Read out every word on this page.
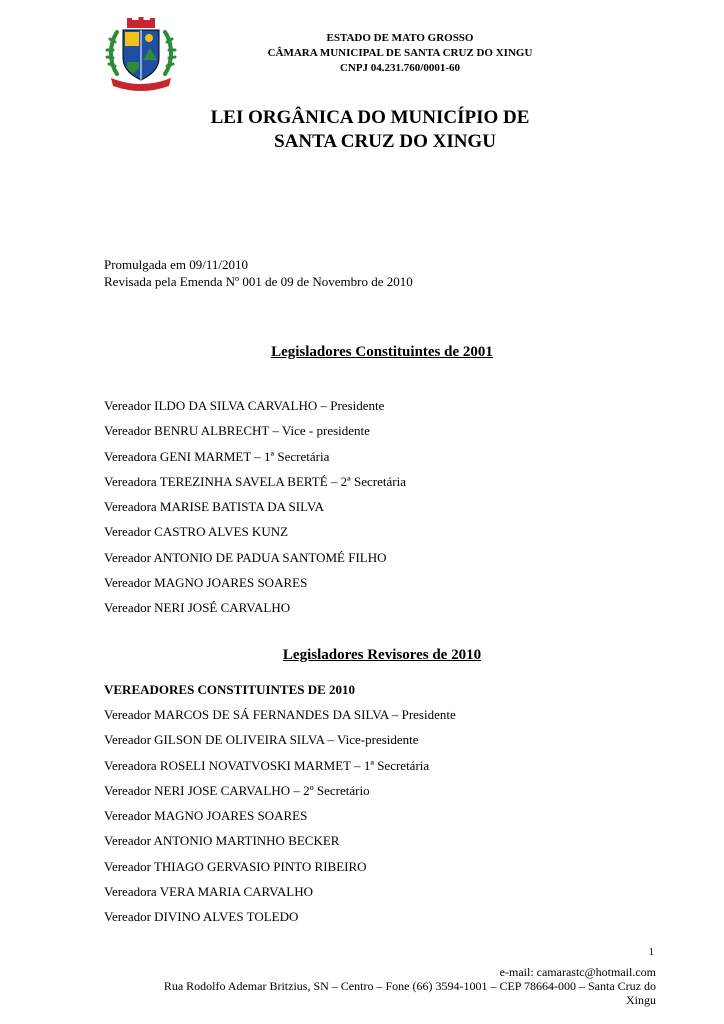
ESTADO DE MATO GROSSO
CÂMARA MUNICIPAL DE SANTA CRUZ DO XINGU
CNPJ 04.231.760/0001-60
LEI ORGÂNICA DO MUNICÍPIO DE
SANTA CRUZ DO XINGU
Promulgada em 09/11/2010
Revisada pela Emenda Nº 001 de 09 de Novembro de 2010
Legisladores Constituintes de 2001
Vereador ILDO DA SILVA CARVALHO – Presidente
Vereador BENRU ALBRECHT – Vice - presidente
Vereadora GENI MARMET – 1ª Secretária
Vereadora TEREZINHA SAVELA BERTÉ – 2ª Secretária
Vereadora MARISE BATISTA DA SILVA
Vereador CASTRO ALVES KUNZ
Vereador ANTONIO DE PADUA SANTOMÉ FILHO
Vereador MAGNO JOARES SOARES
Vereador NERI JOSÉ CARVALHO
Legisladores Revisores de 2010
VEREADORES CONSTITUINTES DE 2010
Vereador MARCOS DE SÁ FERNANDES DA SILVA – Presidente
Vereador GILSON DE OLIVEIRA SILVA – Vice-presidente
Vereadora ROSELI NOVATVOSKI MARMET – 1ª Secretária
Vereador NERI JOSE CARVALHO – 2º Secretário
Vereador MAGNO JOARES SOARES
Vereador ANTONIO MARTINHO BECKER
Vereador THIAGO GERVASIO PINTO RIBEIRO
Vereadora VERA MARIA CARVALHO
Vereador DIVINO ALVES TOLEDO
1
e-mail: camarastc@hotmail.com
Rua Rodolfo Ademar Britzius, SN – Centro – Fone (66) 3594-1001 – CEP 78664-000 – Santa Cruz do
Xingu
